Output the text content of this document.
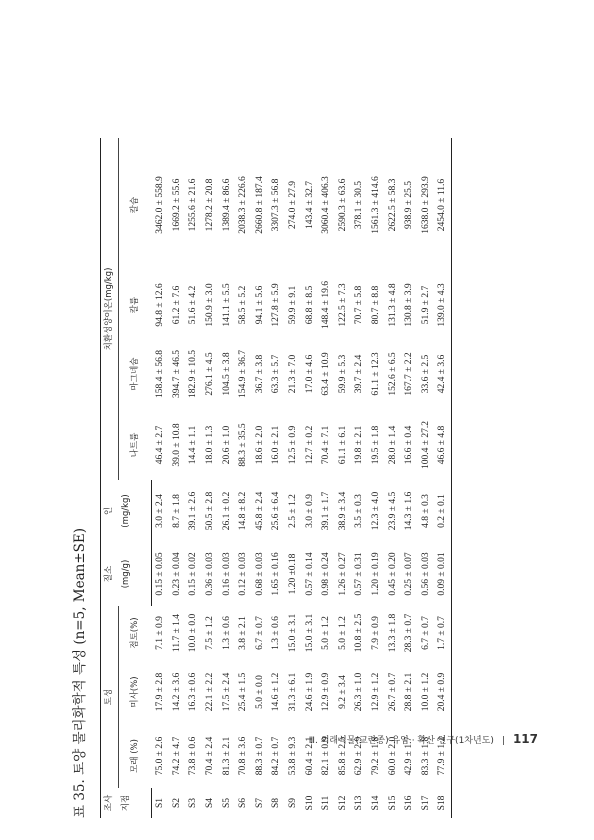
표 35. 토양 물리화학적 특성 (n=5, Mean±SE)	조사	토성			질소	인	치환성양이온(mg/kg)			
지점	모래 (%)	미사(%)	점토(%)	(mg/g)	(mg/kg)	나트륨	마그네슘	칼륨	칼슘

S1	75.0 ± 2.6	17.9 ± 2.8	7.1 ± 0.9	0.15 ± 0.05	3.0 ± 2.4	46.4 ± 2.7	158.4 ± 56.8	94.8 ± 12.6	3462.0 ± 558.9
S2	74.2 ± 4.7	14.2 ± 3.6	11.7 ± 1.4	0.23 ± 0.04	8.7 ± 1.8	39.0 ± 10.8	394.7 ± 46.5	61.2 ± 7.6	1669.2 ± 55.6
S3	73.8 ± 0.6	16.3 ± 0.6	10.0 ± 0.0	0.15 ± 0.02	39.1 ± 2.6	14.4 ± 1.1	182.9 ± 10.5	51.6 ± 4.2	1255.6 ± 21.6
S4	70.4 ± 2.4	22.1 ± 2.2	7.5 ± 1.2	0.36 ± 0.03	50.5 ± 2.8	18.0 ± 1.3	276.1 ± 4.5	150.9 ± 3.0	1278.2 ± 20.8
S5	81.3 ± 2.1	17.5 ± 2.4	1.3 ± 0.6	0.16 ± 0.03	26.1 ± 0.2	20.6 ± 1.0	104.5 ± 3.8	141.1 ± 5.5	1389.4 ± 86.6
S6	70.8 ± 3.6	25.4 ± 1.5	3.8 ± 2.1	0.12 ± 0.03	14.8 ± 8.2	88.3 ± 35.5	154.9 ± 36.7	58.5 ± 5.2	2038.3 ± 226.6
S7	88.3 ± 0.7	5.0 ± 0.0	6.7 ± 0.7	0.68 ± 0.03	45.8 ± 2.4	18.6 ± 2.0	36.7 ± 3.8	94.1 ± 5.6	2660.8 ± 187.4
S8	84.2 ± 0.7	14.6 ± 1.2	1.3 ± 0.6	1.65 ± 0.16	25.6 ± 6.4	16.0 ± 2.1	63.3 ± 5.7	127.8 ± 5.9	3307.3 ± 56.8
S9	53.8 ± 9.3	31.3 ± 6.1	15.0 ± 3.1	1.20 ±0.18	2.5 ± 1.2	12.5 ± 0.9	21.3 ± 7.0	59.9 ± 9.1	274.0 ± 27.9
S10	60.4 ± 2.1	24.6 ± 1.9	15.0 ± 3.1	0.57 ± 0.14	3.0 ± 0.9	12.7 ± 0.2	17.0 ± 4.6	68.8 ± 8.5	143.4 ± 32.7
S11	82.1 ± 0.9	12.9 ± 0.9	5.0 ± 1.2	0.98 ± 0.24	39.1 ± 1.7	70.4 ± 7.1	63.4 ± 10.9	148.4 ± 19.6	3060.4 ± 406.3
S12	85.8 ± 2.5	9.2 ± 3.4	5.0 ± 1.2	1.26 ± 0.27	38.9 ± 3.4	61.1 ± 6.1	59.9 ± 5.3	122.5 ± 7.3	2590.3 ± 63.6
S13	62.9 ± 2.9	26.3 ± 1.0	10.8 ± 2.5	0.57 ± 0.31	3.5 ± 0.3	19.8 ± 2.1	39.7 ± 2.4	70.7 ± 5.8	378.1 ± 30.5
S14	79.2 ± 1.8	12.9 ± 1.2	7.9 ± 0.9	1.20 ± 0.19	12.3 ± 4.0	19.5 ± 1.8	61.1 ± 12.3	80.7 ± 8.8	1561.3 ± 414.6
S15	60.0 ± 2.0	26.7 ± 0.7	13.3 ± 1.8	0.45 ± 0.20	23.9 ± 4.5	28.0 ± 1.4	152.6 ± 6.5	131.3 ± 4.8	2622.5 ± 58.3
S16	42.9 ± 1.7	28.8 ± 2.1	28.3 ± 0.7	0.25 ± 0.07	14.3 ± 1.6	16.6 ± 0.4	167.7 ± 2.2	130.8 ± 3.9	938.9 ± 25.5
S17	83.3 ± 1.8	10.0 ± 1.2	6.7 ± 0.7	0.56 ± 0.03	4.8 ± 0.3	100.4 ± 27.2	33.6 ± 2.5	51.9 ± 2.7	1638.0 ± 293.9
S18	77.9 ± 1.2	20.4 ± 0.9	1.7 ± 0.7	0.09 ± 0.01	0.2 ± 0.1	46.6 ± 4.8	42.4 ± 3.6	139.0 ± 4.3	2454.0 ± 11.6
Ⅲ. 외래식물(교란종) 유입 · 확산 연구(1차년도) | 117
